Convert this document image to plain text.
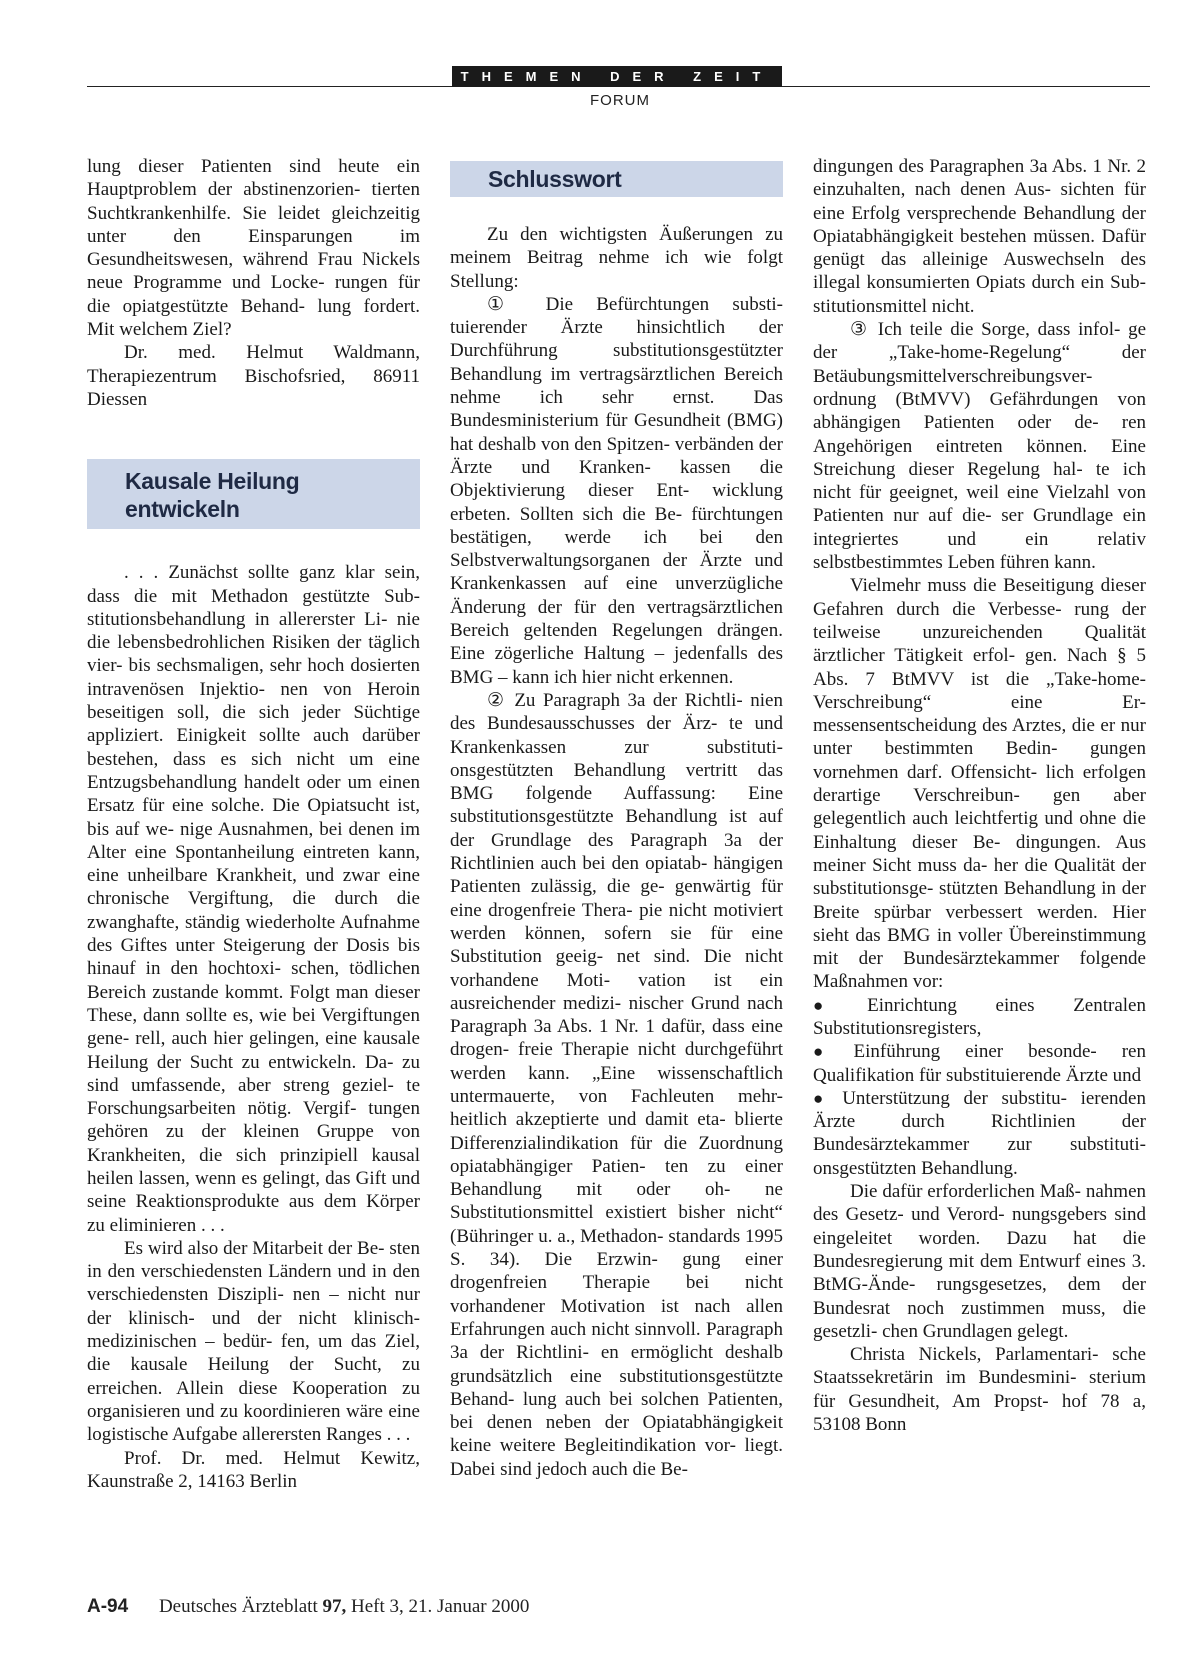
THEMEN DER ZEIT
FORUM

lung dieser Patienten sind heute ein Hauptproblem der abstinenzorien- tierten Suchtkrankenhilfe. Sie leidet gleichzeitig unter den Einsparungen im Gesundheitswesen, während Frau Nickels neue Programme und Locke- rungen für die opiatgestützte Behand- lung fordert. Mit welchem Ziel?

Dr. med. Helmut Waldmann, Therapiezentrum Bischofsried, 86911 Diessen

Kausale Heilung entwickeln

. . . Zunächst sollte ganz klar sein, dass die mit Methadon gestützte Sub- stitutionsbehandlung in allererster Li- nie die lebensbedrohlichen Risiken der täglich vier- bis sechsmaligen, sehr hoch dosierten intravenösen Injektio- nen von Heroin beseitigen soll, die sich jeder Süchtige appliziert. Einigkeit sollte auch darüber bestehen, dass es sich nicht um eine Entzugsbehandlung handelt oder um einen Ersatz für eine solche. Die Opiatsucht ist, bis auf we- nige Ausnahmen, bei denen im Alter eine Spontanheilung eintreten kann, eine unheilbare Krankheit, und zwar eine chronische Vergiftung, die durch die zwanghafte, ständig wiederholte Aufnahme des Giftes unter Steigerung der Dosis bis hinauf in den hochtoxi- schen, tödlichen Bereich zustande kommt. Folgt man dieser These, dann sollte es, wie bei Vergiftungen gene- rell, auch hier gelingen, eine kausale Heilung der Sucht zu entwickeln. Da- zu sind umfassende, aber streng geziel- te Forschungsarbeiten nötig. Vergif- tungen gehören zu der kleinen Gruppe von Krankheiten, die sich prinzipiell kausal heilen lassen, wenn es gelingt, das Gift und seine Reaktionsprodukte aus dem Körper zu eliminieren . . .

Es wird also der Mitarbeit der Be- sten in den verschiedensten Ländern und in den verschiedensten Diszipli- nen – nicht nur der klinisch- und der nicht klinisch-medizinischen – bedür- fen, um das Ziel, die kausale Heilung der Sucht, zu erreichen. Allein diese Kooperation zu organisieren und zu koordinieren wäre eine logistische Aufgabe allerersten Ranges . . .

Prof. Dr. med. Helmut Kewitz, Kaunstraße 2, 14163 Berlin

Schlusswort

Zu den wichtigsten Äußerungen zu meinem Beitrag nehme ich wie folgt Stellung:

① Die Befürchtungen substi- tuierender Ärzte hinsichtlich der Durchführung substitutionsgestützter Behandlung im vertragsärztlichen Bereich nehme ich sehr ernst. Das Bundesministerium für Gesundheit (BMG) hat deshalb von den Spitzen- verbänden der Ärzte und Kranken- kassen die Objektivierung dieser Ent- wicklung erbeten. Sollten sich die Be- fürchtungen bestätigen, werde ich bei den Selbstverwaltungsorganen der Ärzte und Krankenkassen auf eine unverzügliche Änderung der für den vertragsärztlichen Bereich geltenden Regelungen drängen. Eine zögerliche Haltung – jedenfalls des BMG – kann ich hier nicht erkennen.

② Zu Paragraph 3a der Richtli- nien des Bundesausschusses der Ärz- te und Krankenkassen zur substituti- onsgestützten Behandlung vertritt das BMG folgende Auffassung: Eine substitutionsgestützte Behandlung ist auf der Grundlage des Paragraph 3a der Richtlinien auch bei den opiatab- hängigen Patienten zulässig, die ge- genwärtig für eine drogenfreie Thera- pie nicht motiviert werden können, sofern sie für eine Substitution geeig- net sind. Die nicht vorhandene Moti- vation ist ein ausreichender medizi- nischer Grund nach Paragraph 3a Abs. 1 Nr. 1 dafür, dass eine drogen- freie Therapie nicht durchgeführt werden kann. „Eine wissenschaftlich untermauerte, von Fachleuten mehr- heitlich akzeptierte und damit eta- blierte Differenzialindikation für die Zuordnung opiatabhängiger Patien- ten zu einer Behandlung mit oder oh- ne Substitutionsmittel existiert bisher nicht“ (Bühringer u. a., Methadon- standards 1995 S. 34). Die Erzwin- gung einer drogenfreien Therapie bei nicht vorhandener Motivation ist nach allen Erfahrungen auch nicht sinnvoll. Paragraph 3a der Richtlini- en ermöglicht deshalb grundsätzlich eine substitutionsgestützte Behand- lung auch bei solchen Patienten, bei denen neben der Opiatabhängigkeit keine weitere Begleitindikation vor- liegt. Dabei sind jedoch auch die Be-

dingungen des Paragraphen 3a Abs. 1 Nr. 2 einzuhalten, nach denen Aus- sichten für eine Erfolg versprechende Behandlung der Opiatabhängigkeit bestehen müssen. Dafür genügt das alleinige Auswechseln des illegal konsumierten Opiats durch ein Sub- stitutionsmittel nicht.

③ Ich teile die Sorge, dass infol- ge der „Take-home-Regelung“ der Betäubungsmittelverschreibungsver- ordnung (BtMVV) Gefährdungen von abhängigen Patienten oder de- ren Angehörigen eintreten können. Eine Streichung dieser Regelung hal- te ich nicht für geeignet, weil eine Vielzahl von Patienten nur auf die- ser Grundlage ein integriertes und ein relativ selbstbestimmtes Leben führen kann.

Vielmehr muss die Beseitigung dieser Gefahren durch die Verbesse- rung der teilweise unzureichenden Qualität ärztlicher Tätigkeit erfol- gen. Nach § 5 Abs. 7 BtMVV ist die „Take-home-Verschreibung“ eine Er- messensentscheidung des Arztes, die er nur unter bestimmten Bedin- gungen vornehmen darf. Offensicht- lich erfolgen derartige Verschreibun- gen aber gelegentlich auch leichtfertig und ohne die Einhaltung dieser Be- dingungen. Aus meiner Sicht muss da- her die Qualität der substitutionsge- stützten Behandlung in der Breite spürbar verbessert werden. Hier sieht das BMG in voller Übereinstimmung mit der Bundesärztekammer folgende Maßnahmen vor:

● Einrichtung eines Zentralen Substitutionsregisters,

● Einführung einer besonde- ren Qualifikation für substituierende Ärzte und

● Unterstützung der substitu- ierenden Ärzte durch Richtlinien der Bundesärztekammer zur substituti- onsgestützten Behandlung.

Die dafür erforderlichen Maß- nahmen des Gesetz- und Verord- nungsgebers sind eingeleitet worden. Dazu hat die Bundesregierung mit dem Entwurf eines 3. BtMG-Ände- rungsgesetzes, dem der Bundesrat noch zustimmen muss, die gesetzli- chen Grundlagen gelegt.

Christa Nickels, Parlamentari- sche Staatssekretärin im Bundesmini- sterium für Gesundheit, Am Propst- hof 78 a, 53108 Bonn

A-94 Deutsches Ärzteblatt 97, Heft 3, 21. Januar 2000
